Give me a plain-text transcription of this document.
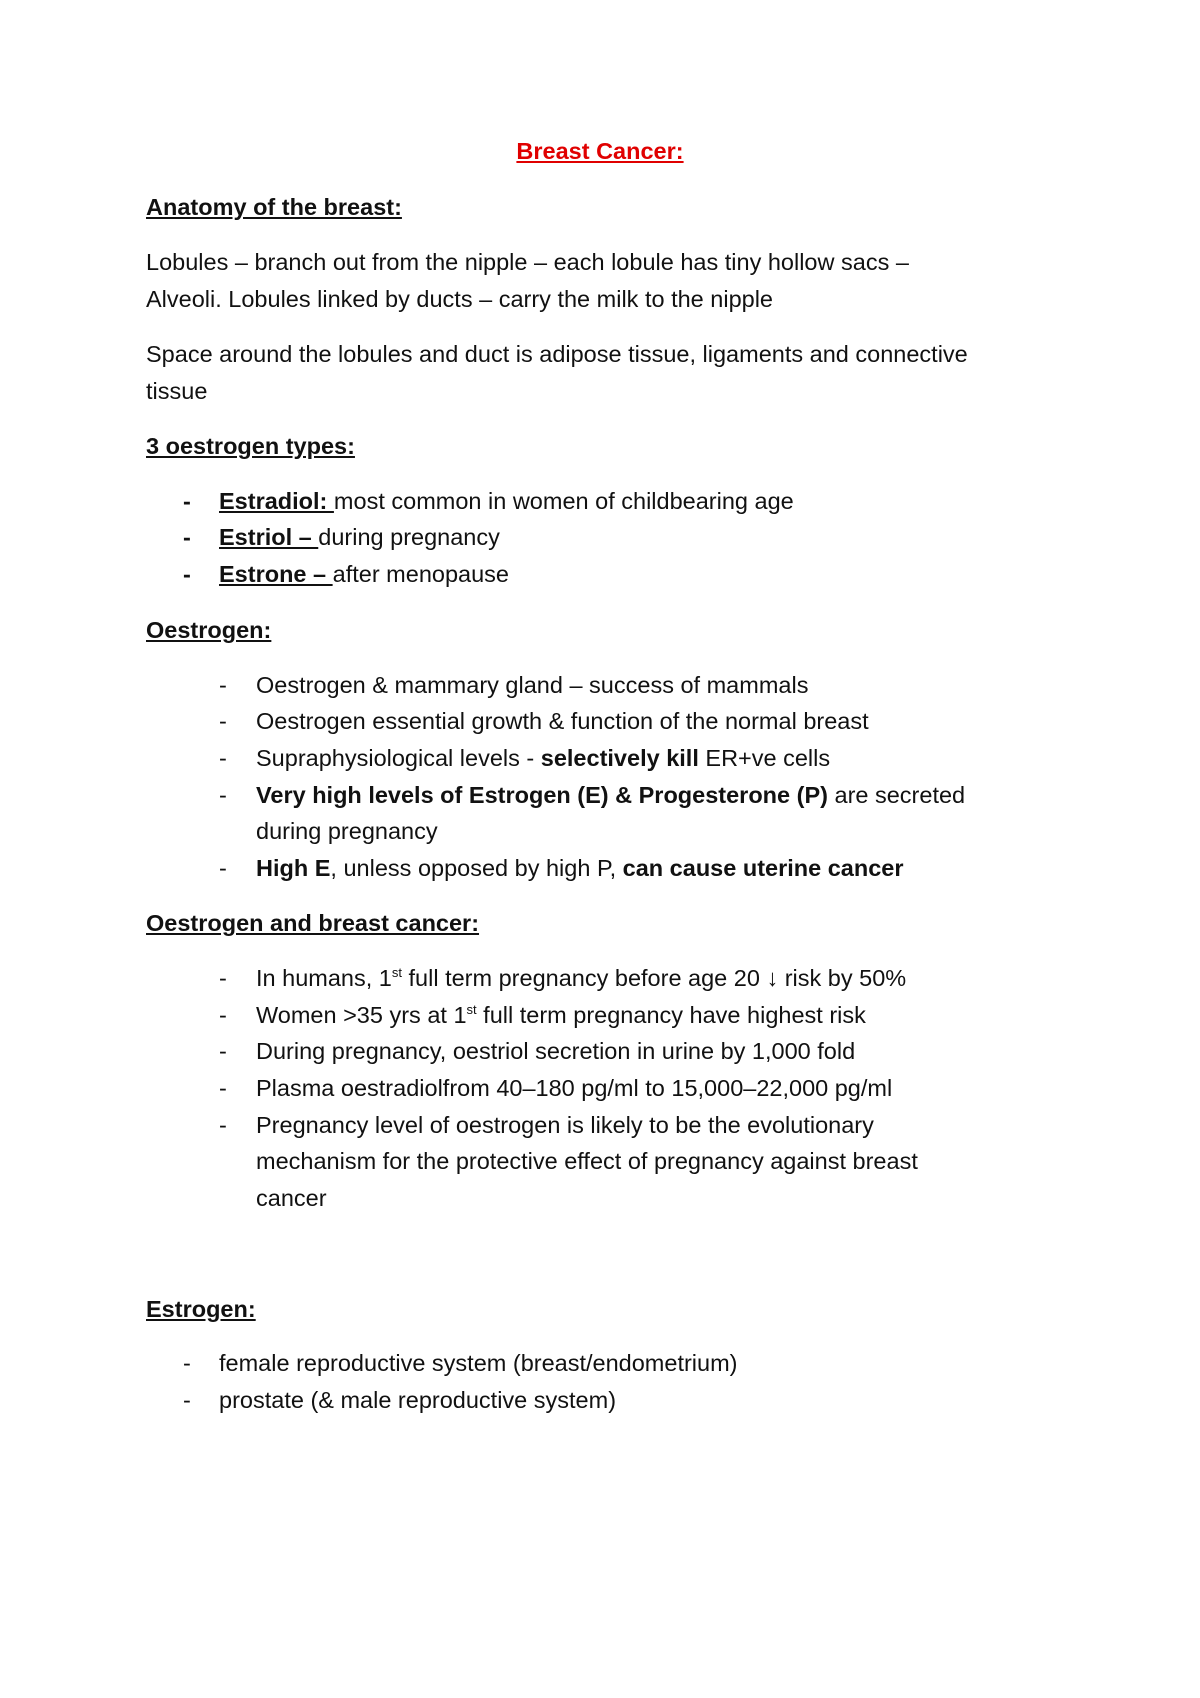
Breast Cancer:
Anatomy of the breast:
Lobules – branch out from the nipple – each lobule has tiny hollow sacs –
Alveoli. Lobules linked by ducts – carry the milk to the nipple
Space around the lobules and duct is adipose tissue, ligaments and connective
tissue
3 oestrogen types:
- Estradiol: most common in women of childbearing age
- Estriol – during pregnancy
- Estrone – after menopause
Oestrogen:
- Oestrogen & mammary gland – success of mammals
- Oestrogen essential growth & function of the normal breast
- Supraphysiological levels - selectively kill ER+ve cells
- Very high levels of Estrogen (E) & Progesterone (P) are secreted
during pregnancy
- High E, unless opposed by high P, can cause uterine cancer
Oestrogen and breast cancer:
- In humans, 1st full term pregnancy before age 20 ↓ risk by 50%
- Women >35 yrs at 1st full term pregnancy have highest risk
- During pregnancy, oestriol secretion in urine by 1,000 fold
- Plasma oestradiolfrom 40–180 pg/ml to 15,000–22,000 pg/ml
- Pregnancy level of oestrogen is likely to be the evolutionary
mechanism for the protective effect of pregnancy against breast
cancer
Estrogen:
- female reproductive system (breast/endometrium)
- prostate (& male reproductive system)
